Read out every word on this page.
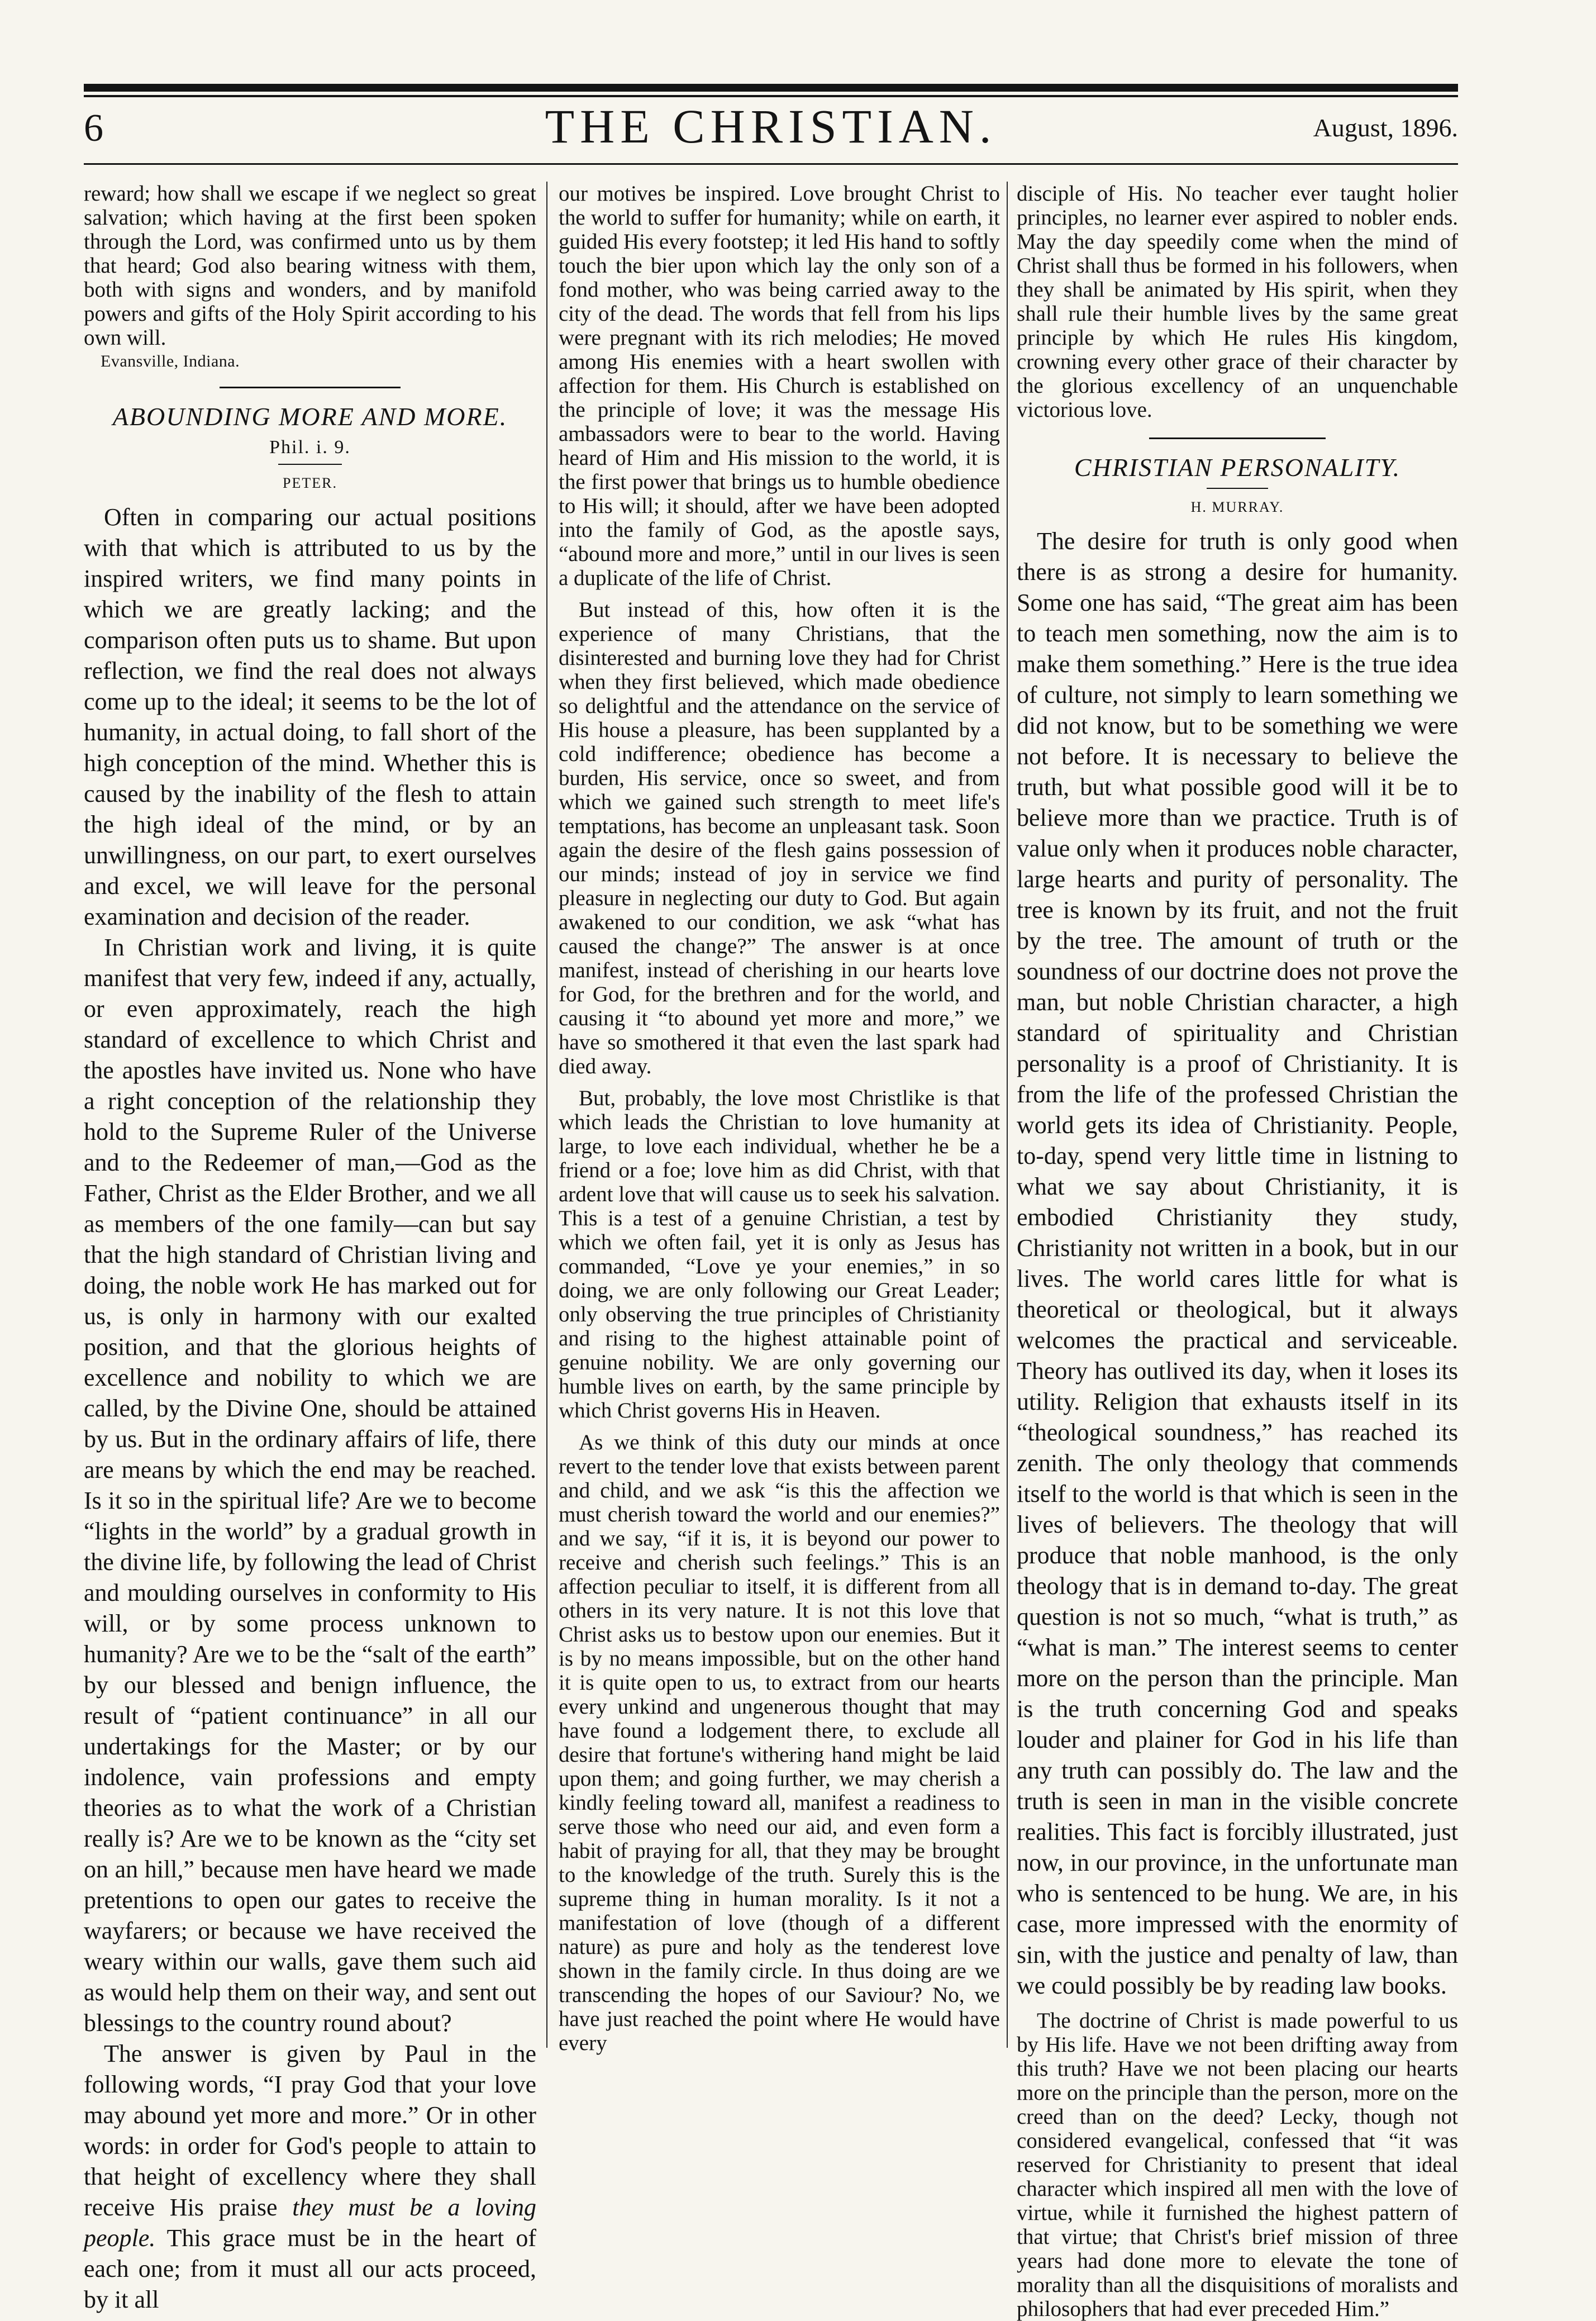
6	THE CHRISTIAN.	August, 1896.

reward; how shall we escape if we neglect so great salvation; which having at the first been spoken through the Lord, was confirmed unto us by them that heard; God also bearing witness with them, both with signs and wonders, and by manifold powers and gifts of the Holy Spirit according to his own will.

Evansville, Indiana.

ABOUNDING MORE AND MORE.
Phil. i. 9.
PETER.

Often in comparing our actual positions with that which is attributed to us by the inspired writers, we find many points in which we are greatly lacking; and the comparison often puts us to shame. But upon reflection, we find the real does not always come up to the ideal; it seems to be the lot of humanity, in actual doing, to fall short of the high conception of the mind. Whether this is caused by the inability of the flesh to attain the high ideal of the mind, or by an unwillingness, on our part, to exert ourselves and excel, we will leave for the personal examination and decision of the reader.

In Christian work and living, it is quite manifest that very few, indeed if any, actually, or even approximately, reach the high standard of excellence to which Christ and the apostles have invited us. None who have a right conception of the relationship they hold to the Supreme Ruler of the Universe and to the Redeemer of man,—God as the Father, Christ as the Elder Brother, and we all as members of the one family—can but say that the high standard of Christian living and doing, the noble work He has marked out for us, is only in harmony with our exalted position, and that the glorious heights of excellence and nobility to which we are called, by the Divine One, should be attained by us. But in the ordinary affairs of life, there are means by which the end may be reached. Is it so in the spiritual life? Are we to become “lights in the world” by a gradual growth in the divine life, by following the lead of Christ and moulding ourselves in conformity to His will, or by some process unknown to humanity? Are we to be the “salt of the earth” by our blessed and benign influence, the result of “patient continuance” in all our undertakings for the Master; or by our indolence, vain professions and empty theories as to what the work of a Christian really is? Are we to be known as the “city set on an hill,” because men have heard we made pretentions to open our gates to receive the wayfarers; or because we have received the weary within our walls, gave them such aid as would help them on their way, and sent out blessings to the country round about?

The answer is given by Paul in the following words, “I pray God that your love may abound yet more and more.” Or in other words: in order for God's people to attain to that height of excellency where they shall receive His praise they must be a loving people. This grace must be in the heart of each one; from it must all our acts proceed, by it all

our motives be inspired. Love brought Christ to the world to suffer for humanity; while on earth, it guided His every footstep; it led His hand to softly touch the bier upon which lay the only son of a fond mother, who was being carried away to the city of the dead. The words that fell from his lips were pregnant with its rich melodies; He moved among His enemies with a heart swollen with affection for them. His Church is established on the principle of love; it was the message His ambassadors were to bear to the world. Having heard of Him and His mission to the world, it is the first power that brings us to humble obedience to His will; it should, after we have been adopted into the family of God, as the apostle says, “abound more and more,” until in our lives is seen a duplicate of the life of Christ.

But instead of this, how often it is the experience of many Christians, that the disinterested and burning love they had for Christ when they first believed, which made obedience so delightful and the attendance on the service of His house a pleasure, has been supplanted by a cold indifference; obedience has become a burden, His service, once so sweet, and from which we gained such strength to meet life's temptations, has become an unpleasant task. Soon again the desire of the flesh gains possession of our minds; instead of joy in service we find pleasure in neglecting our duty to God. But again awakened to our condition, we ask “what has caused the change?” The answer is at once manifest, instead of cherishing in our hearts love for God, for the brethren and for the world, and causing it “to abound yet more and more,” we have so smothered it that even the last spark had died away.

But, probably, the love most Christlike is that which leads the Christian to love humanity at large, to love each individual, whether he be a friend or a foe; love him as did Christ, with that ardent love that will cause us to seek his salvation. This is a test of a genuine Christian, a test by which we often fail, yet it is only as Jesus has commanded, “Love ye your enemies,” in so doing, we are only following our Great Leader; only observing the true principles of Christianity and rising to the highest attainable point of genuine nobility. We are only governing our humble lives on earth, by the same principle by which Christ governs His in Heaven.

As we think of this duty our minds at once revert to the tender love that exists between parent and child, and we ask “is this the affection we must cherish toward the world and our enemies?” and we say, “if it is, it is beyond our power to receive and cherish such feelings.” This is an affection peculiar to itself, it is different from all others in its very nature. It is not this love that Christ asks us to bestow upon our enemies. But it is by no means impossible, but on the other hand it is quite open to us, to extract from our hearts every unkind and ungenerous thought that may have found a lodgement there, to exclude all desire that fortune's withering hand might be laid upon them; and going further, we may cherish a kindly feeling toward all, manifest a readiness to serve those who need our aid, and even form a habit of praying for all, that they may be brought to the knowledge of the truth. Surely this is the supreme thing in human morality. Is it not a manifestation of love (though of a different nature) as pure and holy as the tenderest love shown in the family circle. In thus doing are we transcending the hopes of our Saviour? No, we have just reached the point where He would have every

disciple of His. No teacher ever taught holier principles, no learner ever aspired to nobler ends. May the day speedily come when the mind of Christ shall thus be formed in his followers, when they shall be animated by His spirit, when they shall rule their humble lives by the same great principle by which He rules His kingdom, crowning every other grace of their character by the glorious excellency of an unquenchable victorious love.

CHRISTIAN PERSONALITY.
H. MURRAY.

The desire for truth is only good when there is as strong a desire for humanity. Some one has said, “The great aim has been to teach men something, now the aim is to make them something.” Here is the true idea of culture, not simply to learn something we did not know, but to be something we were not before. It is necessary to believe the truth, but what possible good will it be to believe more than we practice. Truth is of value only when it produces noble character, large hearts and purity of personality. The tree is known by its fruit, and not the fruit by the tree. The amount of truth or the soundness of our doctrine does not prove the man, but noble Christian character, a high standard of spirituality and Christian personality is a proof of Christianity. It is from the life of the professed Christian the world gets its idea of Christianity. People, to-day, spend very little time in listning to what we say about Christianity, it is embodied Christianity they study, Christianity not written in a book, but in our lives. The world cares little for what is theoretical or theological, but it always welcomes the practical and serviceable. Theory has outlived its day, when it loses its utility. Religion that exhausts itself in its “theological soundness,” has reached its zenith. The only theology that commends itself to the world is that which is seen in the lives of believers. The theology that will produce that noble manhood, is the only theology that is in demand to-day. The great question is not so much, “what is truth,” as “what is man.” The interest seems to center more on the person than the principle. Man is the truth concerning God and speaks louder and plainer for God in his life than any truth can possibly do. The law and the truth is seen in man in the visible concrete realities. This fact is forcibly illustrated, just now, in our province, in the unfortunate man who is sentenced to be hung. We are, in his case, more impressed with the enormity of sin, with the justice and penalty of law, than we could possibly be by reading law books.

The doctrine of Christ is made powerful to us by His life. Have we not been drifting away from this truth? Have we not been placing our hearts more on the principle than the person, more on the creed than on the deed? Lecky, though not considered evangelical, confessed that “it was reserved for Christianity to present that ideal character which inspired all men with the love of virtue, while it furnished the highest pattern of that virtue; that Christ's brief mission of three years had done more to elevate the tone of morality than all the disquisitions of moralists and philosophers that had ever preceded Him.”
